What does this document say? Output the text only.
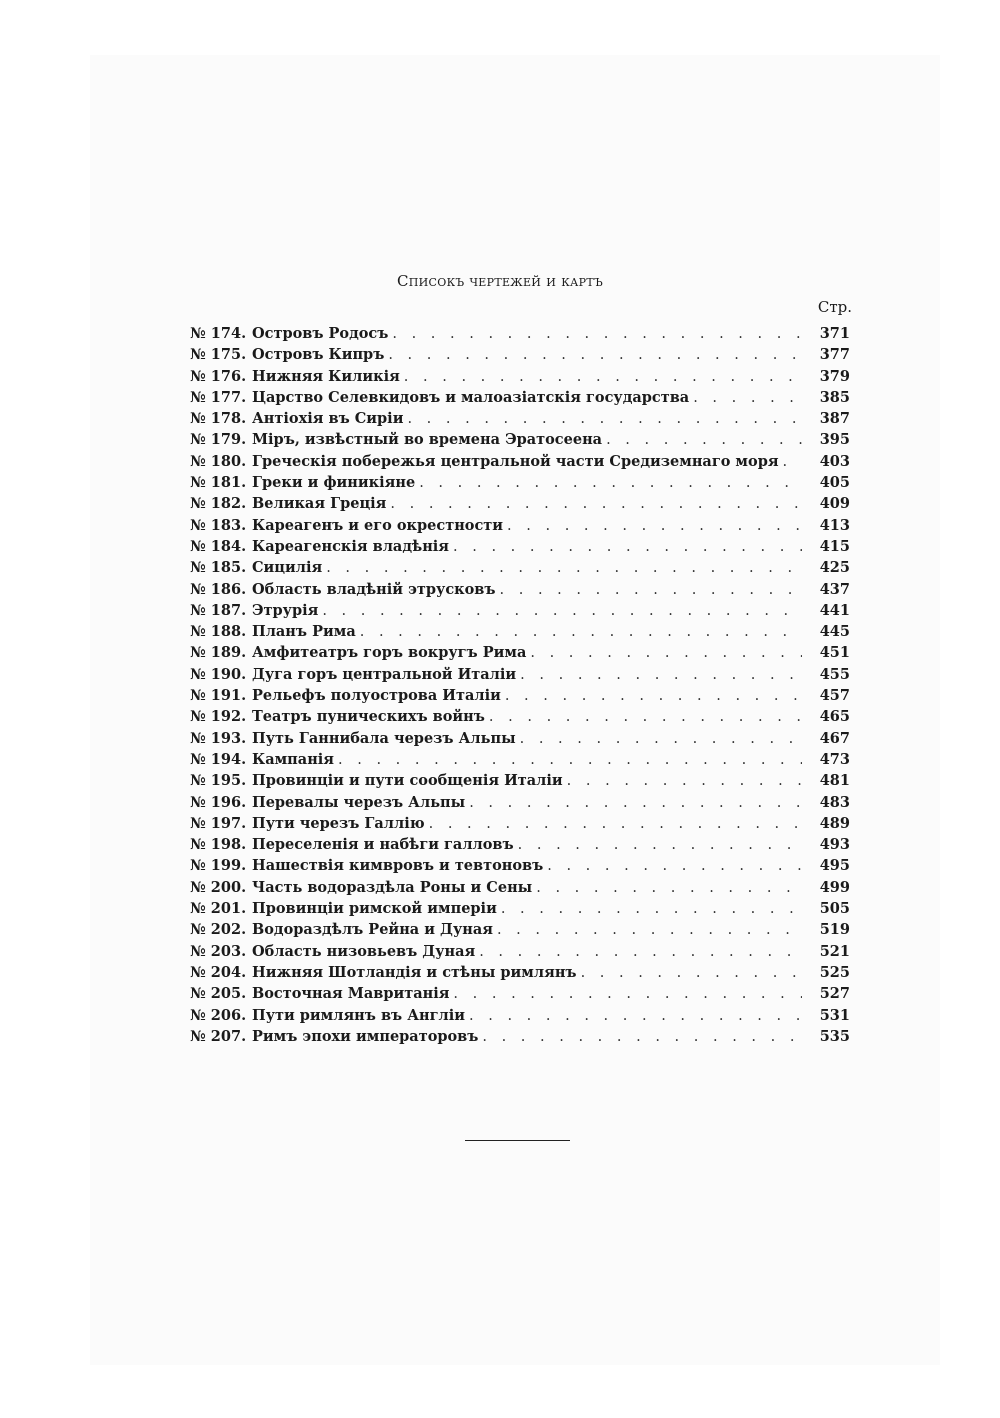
Списокъ чертежей и картъ
Стр.
№ 174. Островъ Родосъ . . .	371
№ 175. Островъ Кипръ . . .	377
№ 176. Нижняя Киликія . . .	379
№ 177. Царство Селевкидовъ и малоазіатскія государства . . .	385
№ 178. Антіохія въ Сиріи . . .	387
№ 179. Міръ, извѣстный во времена Эратосеена . . .	395
№ 180. Греческія побережья центральной части Средиземнаго моря . . .	403
№ 181. Греки и финикіяне . . .	405
№ 182. Великая Греція . . .	409
№ 183. Кареагенъ и его окрестности . . .	413
№ 184. Кареагенскія владѣнія . . .	415
№ 185. Сицилія . . .	425
№ 186. Область владѣній этрусковъ . . .	437
№ 187. Этрурія . . .	441
№ 188. Планъ Рима . . .	445
№ 189. Амфитеатръ горъ вокругъ Рима . . .	451
№ 190. Дуга горъ центральной Италіи . . .	455
№ 191. Рельефъ полуострова Италіи . . .	457
№ 192. Театръ пуническихъ войнъ . . .	465
№ 193. Путь Ганнибала черезъ Альпы . . .	467
№ 194. Кампанія . . .	473
№ 195. Провинціи и пути сообщенія Италіи . . .	481
№ 196. Перевалы черезъ Альпы . . .	483
№ 197. Пути черезъ Галлію . . .	489
№ 198. Переселенія и набѣги галловъ . . .	493
№ 199. Нашествія кимвровъ и тевтоновъ . . .	495
№ 200. Часть водораздѣла Роны и Сены . . .	499
№ 201. Провинціи римской имперіи . . .	505
№ 202. Водораздѣлъ Рейна и Дуная . . .	519
№ 203. Область низовьевъ Дуная . . .	521
№ 204. Нижняя Шотландія и стѣны римлянъ . . .	525
№ 205. Восточная Мавританія . . .	527
№ 206. Пути римлянъ въ Англіи . . .	531
№ 207. Римъ эпохи императоровъ . . .	535
